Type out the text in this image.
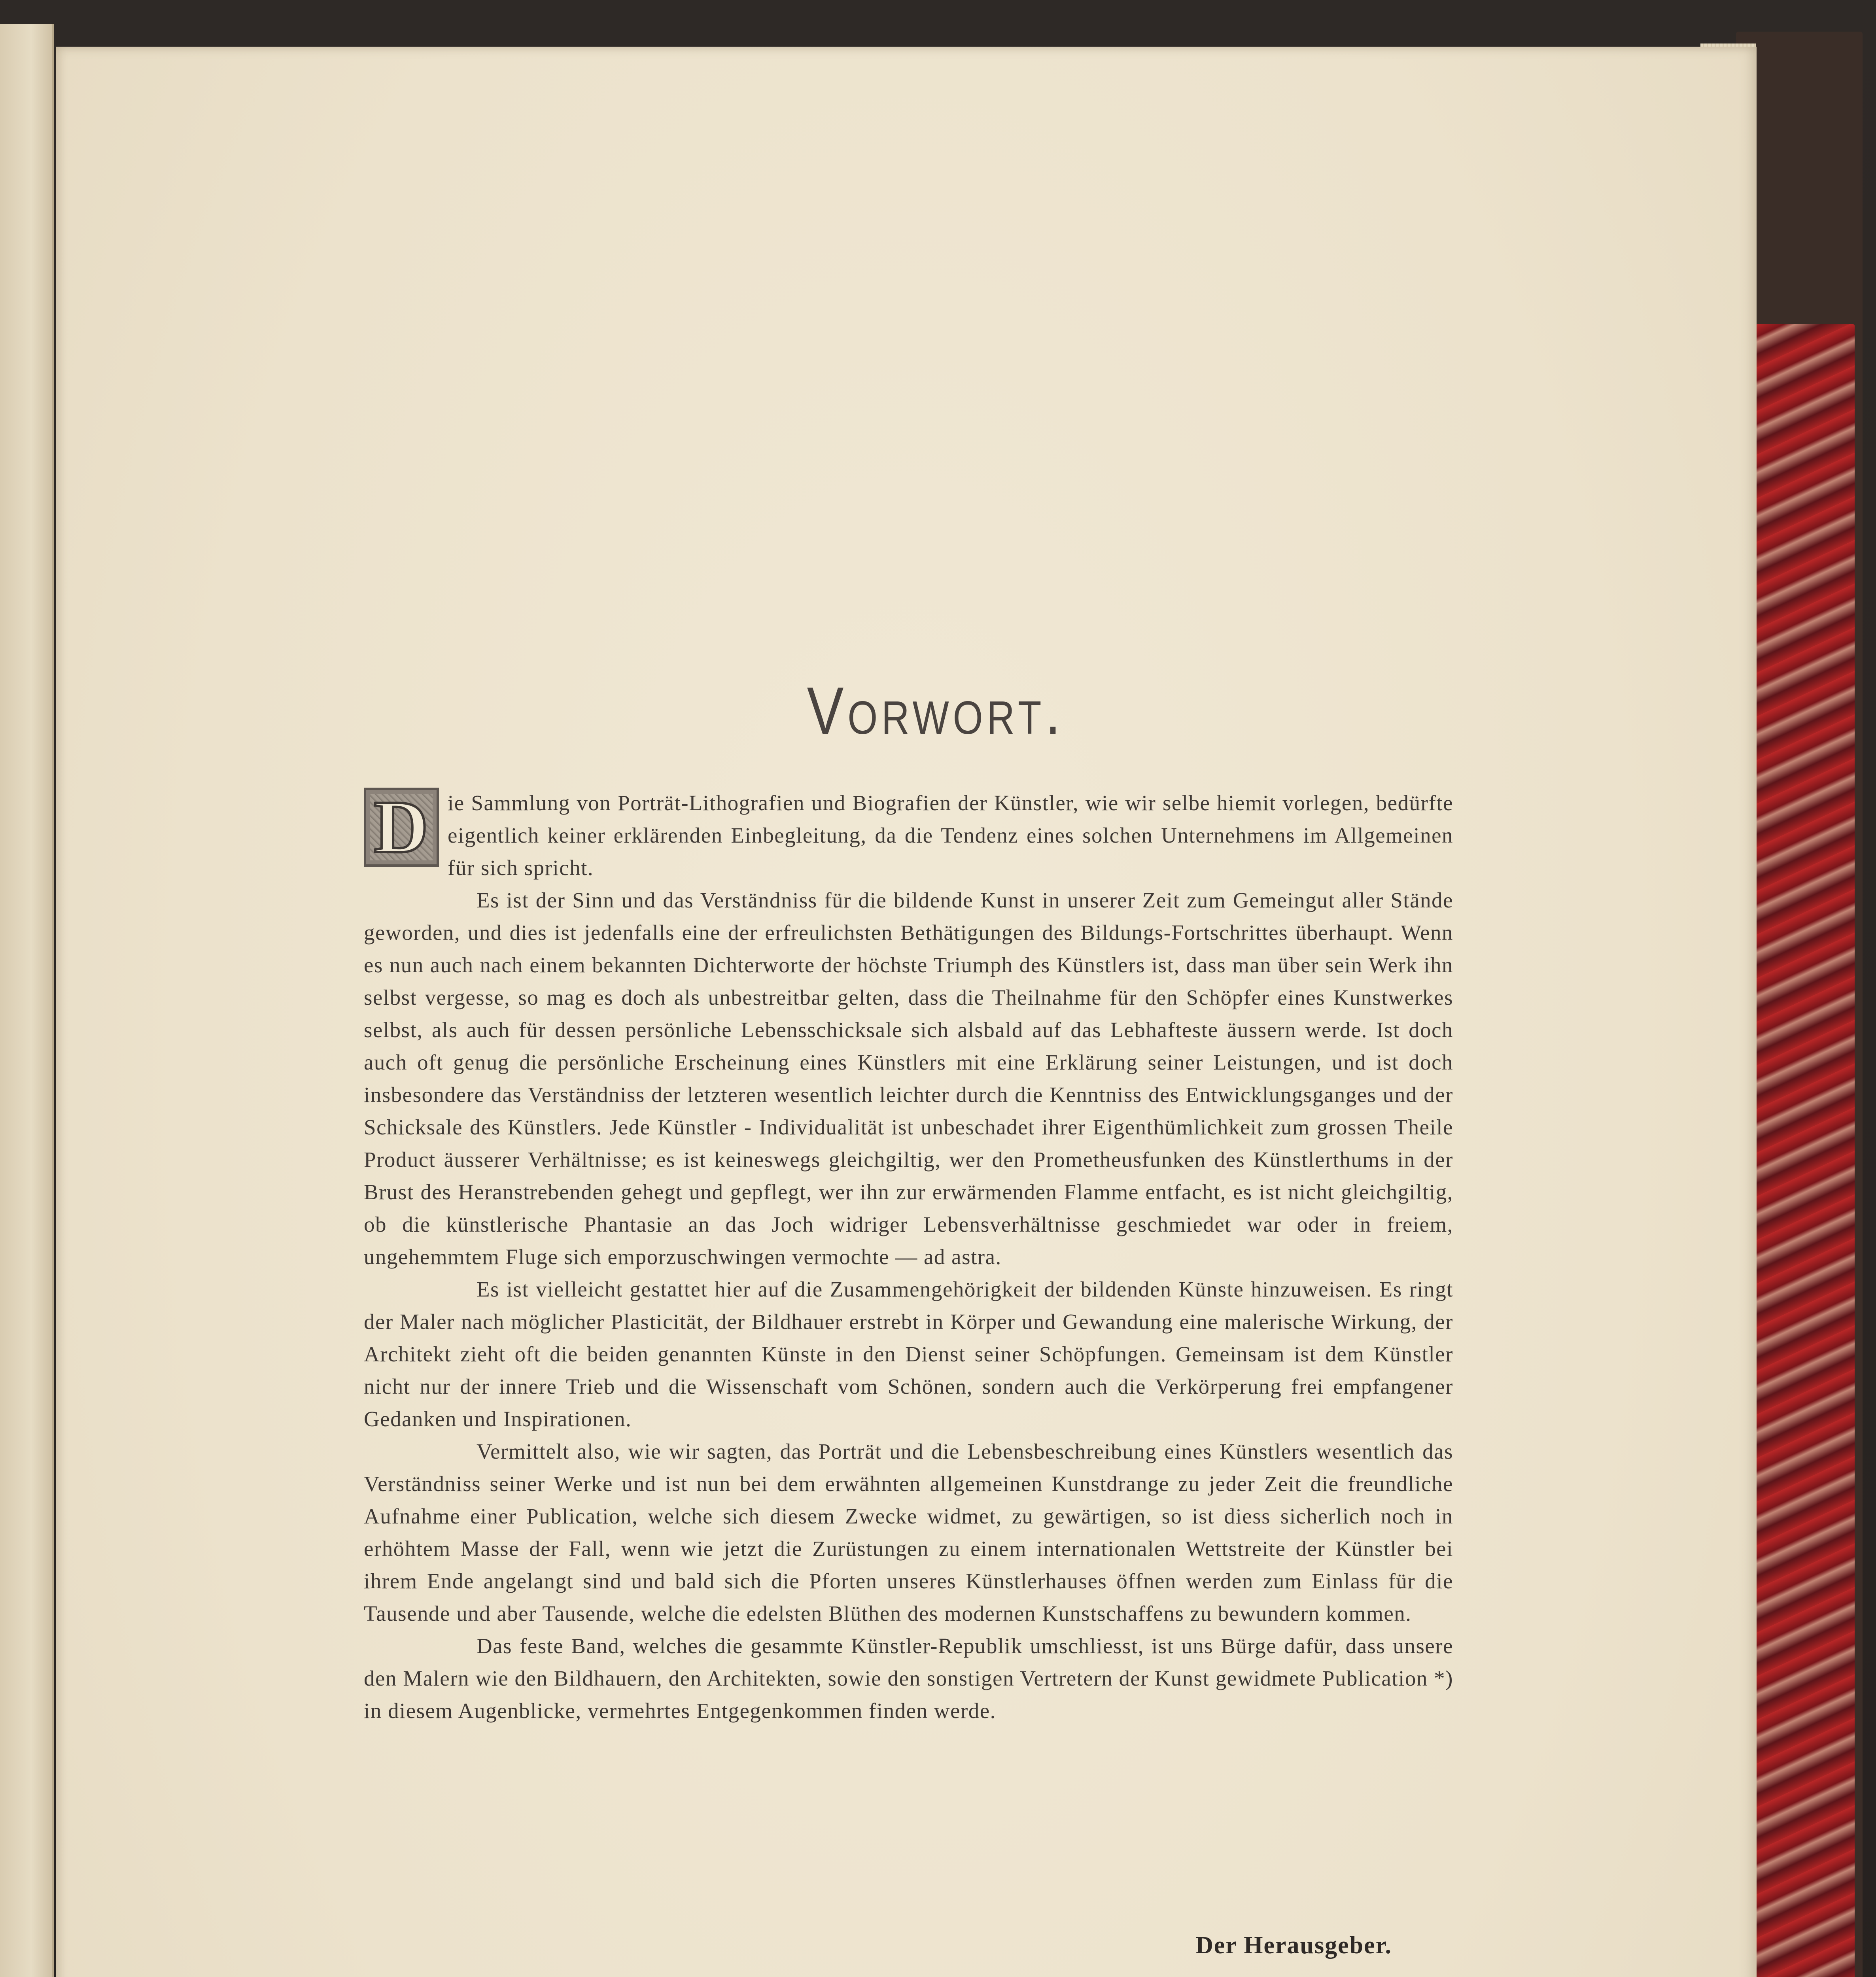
Vorwort.

D ie Sammlung von Porträt-Lithografien und Biografien der Künstler, wie wir selbe hiemit vorlegen, bedürfte eigentlich keiner erklärenden Einbegleitung, da die Tendenz eines solchen Unternehmens im Allgemeinen für sich spricht.

Es ist der Sinn und das Verständniss für die bildende Kunst in unserer Zeit zum Gemeingut aller Stände geworden, und dies ist jedenfalls eine der erfreulichsten Bethätigungen des Bildungs-Fortschrittes überhaupt. Wenn es nun auch nach einem bekannten Dichterworte der höchste Triumph des Künstlers ist, dass man über sein Werk ihn selbst vergesse, so mag es doch als unbestreitbar gelten, dass die Theilnahme für den Schöpfer eines Kunstwerkes selbst, als auch für dessen persönliche Lebensschicksale sich alsbald auf das Lebhafteste äussern werde. Ist doch auch oft genug die persönliche Erscheinung eines Künstlers mit eine Erklärung seiner Leistungen, und ist doch insbesondere das Verständniss der letzteren wesentlich leichter durch die Kenntniss des Entwicklungsganges und der Schicksale des Künstlers. Jede Künstler - Individualität ist unbeschadet ihrer Eigenthümlichkeit zum grossen Theile Product äusserer Verhältnisse; es ist keineswegs gleichgiltig, wer den Prometheusfunken des Künstlerthums in der Brust des Heranstrebenden gehegt und gepflegt, wer ihn zur erwärmenden Flamme entfacht, es ist nicht gleichgiltig, ob die künstlerische Phantasie an das Joch widriger Lebensverhältnisse geschmiedet war oder in freiem, ungehemmtem Fluge sich emporzuschwingen vermochte — ad astra.

Es ist vielleicht gestattet hier auf die Zusammengehörigkeit der bildenden Künste hinzuweisen. Es ringt der Maler nach möglicher Plasticität, der Bildhauer erstrebt in Körper und Gewandung eine malerische Wirkung, der Architekt zieht oft die beiden genannten Künste in den Dienst seiner Schöpfungen. Gemeinsam ist dem Künstler nicht nur der innere Trieb und die Wissenschaft vom Schönen, sondern auch die Verkörperung frei empfangener Gedanken und Inspirationen.

Vermittelt also, wie wir sagten, das Porträt und die Lebensbeschreibung eines Künstlers wesentlich das Verständniss seiner Werke und ist nun bei dem erwähnten allgemeinen Kunstdrange zu jeder Zeit die freundliche Aufnahme einer Publication, welche sich diesem Zwecke widmet, zu gewärtigen, so ist diess sicherlich noch in erhöhtem Masse der Fall, wenn wie jetzt die Zurüstungen zu einem internationalen Wettstreite der Künstler bei ihrem Ende angelangt sind und bald sich die Pforten unseres Künstlerhauses öffnen werden zum Einlass für die Tausende und aber Tausende, welche die edelsten Blüthen des modernen Kunstschaffens zu bewundern kommen.

Das feste Band, welches die gesammte Künstler-Republik umschliesst, ist uns Bürge dafür, dass unsere den Malern wie den Bildhauern, den Architekten, sowie den sonstigen Vertretern der Kunst gewidmete Publication *) in diesem Augenblicke, vermehrtes Entgegenkommen finden werde.

Der Herausgeber.
